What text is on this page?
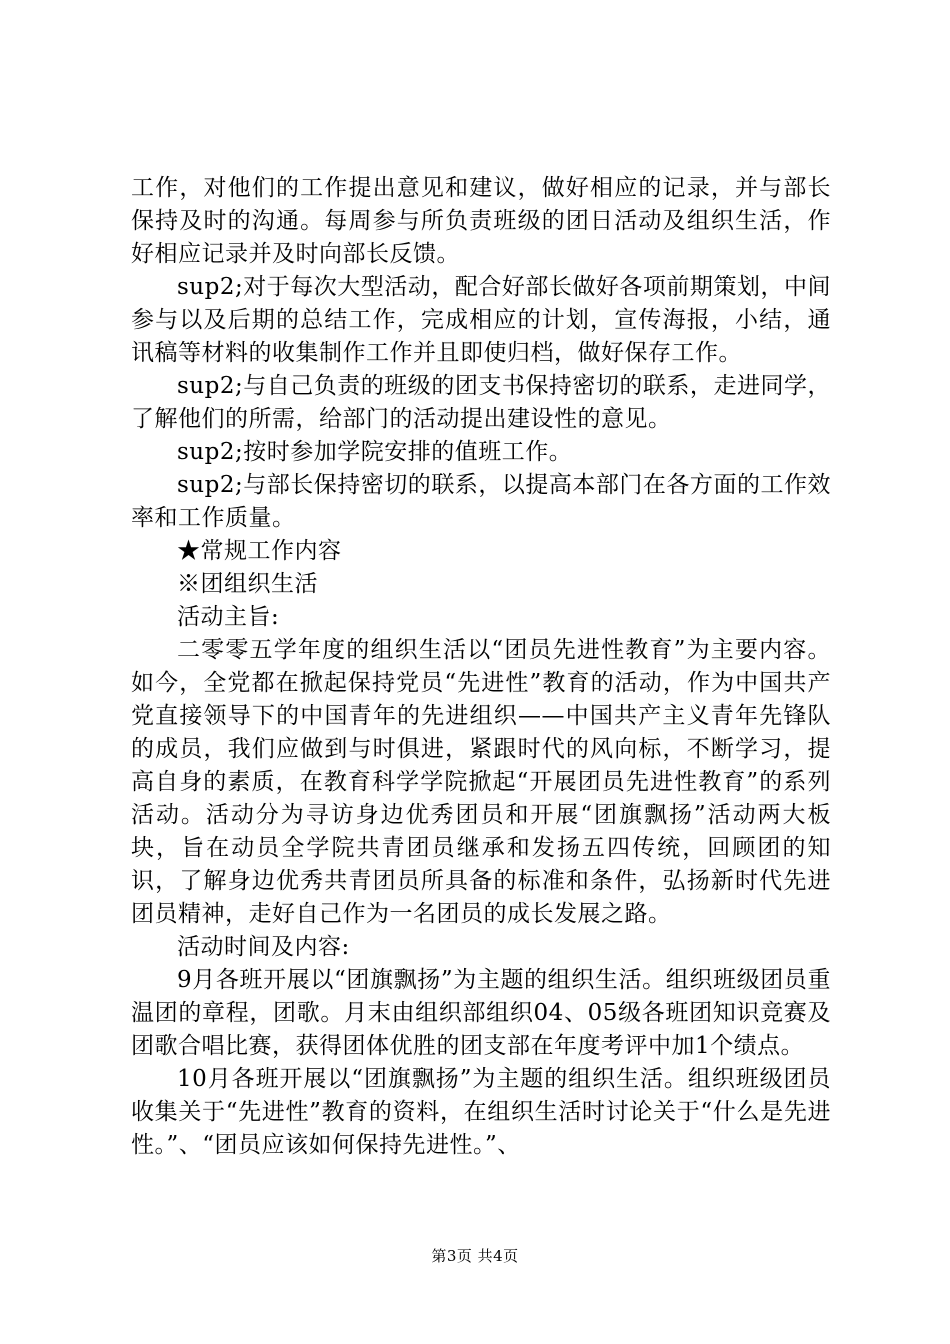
工作，对他们的工作提出意见和建议，做好相应的记录，并与部长保持及时的沟通。每周参与所负责班级的团日活动及组织生活，作好相应记录并及时向部长反馈。

sup2;对于每次大型活动，配合好部长做好各项前期策划，中间参与以及后期的总结工作，完成相应的计划，宣传海报，小结，通讯稿等材料的收集制作工作并且即使归档，做好保存工作。

sup2;与自己负责的班级的团支书保持密切的联系，走进同学，了解他们的所需，给部门的活动提出建设性的意见。

sup2;按时参加学院安排的值班工作。

sup2;与部长保持密切的联系，以提高本部门在各方面的工作效率和工作质量。

★常规工作内容

※团组织生活

活动主旨:

二零零五学年度的组织生活以“团员先进性教育”为主要内容。如今，全党都在掀起保持党员“先进性”教育的活动，作为中国共产党直接领导下的中国青年的先进组织——中国共产主义青年先锋队的成员，我们应做到与时俱进，紧跟时代的风向标，不断学习，提高自身的素质，在教育科学学院掀起“开展团员先进性教育”的系列活动。活动分为寻访身边优秀团员和开展“团旗飘扬”活动两大板块，旨在动员全学院共青团员继承和发扬五四传统，回顾团的知识，了解身边优秀共青团员所具备的标准和条件，弘扬新时代先进团员精神，走好自己作为一名团员的成长发展之路。

活动时间及内容:

9月各班开展以“团旗飘扬”为主题的组织生活。组织班级团员重温团的章程，团歌。月末由组织部组织04、05级各班团知识竞赛及团歌合唱比赛，获得团体优胜的团支部在年度考评中加1个绩点。

10月各班开展以“团旗飘扬”为主题的组织生活。组织班级团员收集关于“先进性”教育的资料，在组织生活时讨论关于“什么是先进性。”、“团员应该如何保持先进性。”、

第3页 共4页
